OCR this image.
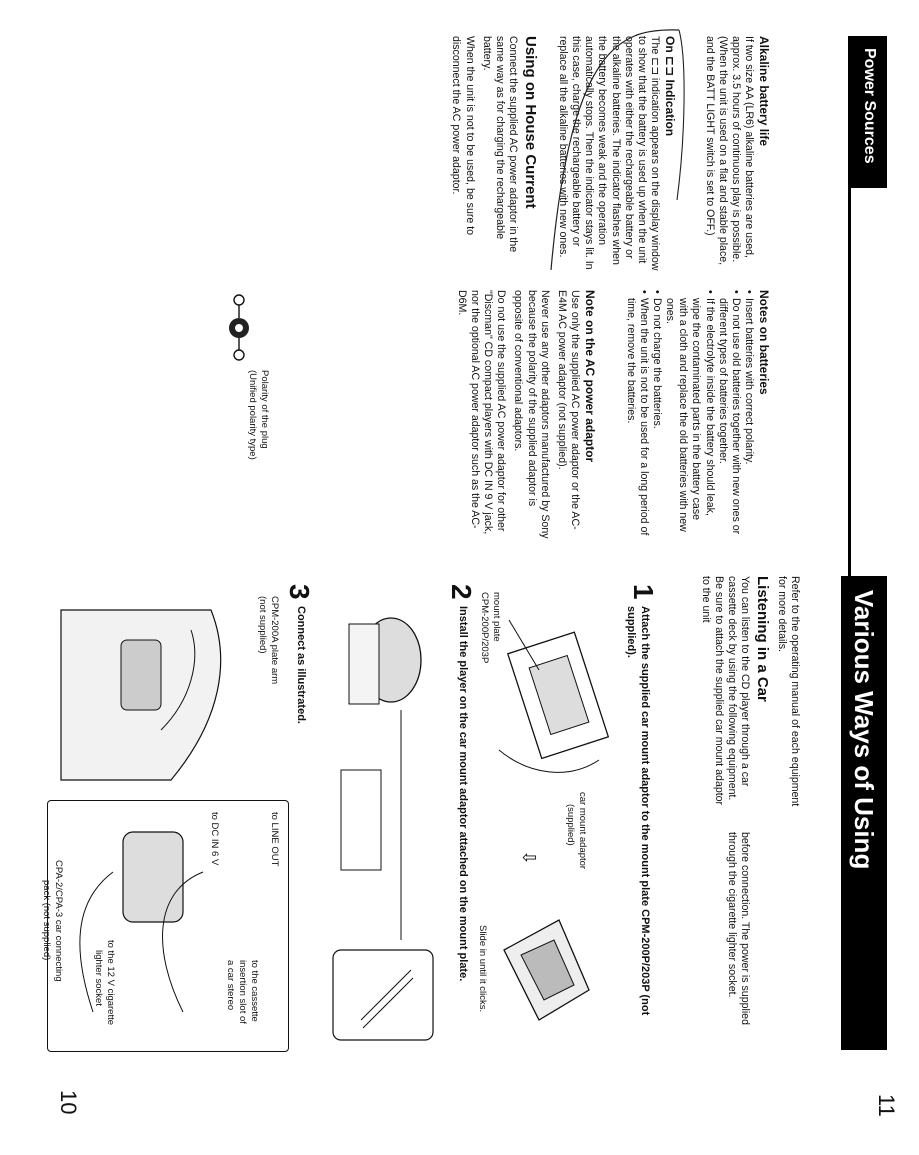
Power Sources
Alkaline battery life
If two size AA (LR6) alkaline batteries are used, approx. 3.5 hours of continuous play is possible. (When the unit is used on a flat and stable place, and the BATT LIGHT switch is set to OFF.)
On ⊏⊐ Indication
The ⊏⊐ indication appears on the display window to show that the battery is used up when the unit operates with either the rechargeable battery or the alkaline batteries. The indicator flashes when the battery becomes weak and the operation automatically stops. Then the indicator stays lit. In this case, charge the rechargeable battery or replace all the alkaline batteries with new ones.
Using on House Current
Connect the supplied AC power adaptor in the same way as for charging the rechargeable battery.
When the unit is not to be used, be sure to disconnect the AC power adaptor.
Notes on batteries
• Insert batteries with correct polarity.
• Do not use old batteries together with new ones or different types of batteries together.
• If the electrolyte inside the battery should leak, wipe the contaminated parts in the battery case with a cloth and replace the old batteries with new ones.
• Do not charge the batteries.
• When the unit is not to be used for a long period of time, remove the batteries.
Note on the AC power adaptor
Use only the supplied AC power adaptor or the AC-E4M AC power adaptor (not supplied).
Never use any other adaptors manufactured by Sony because the polarity of the supplied adaptor is opposite of conventional adaptors.
Do not use the supplied AC power adaptor for other "Discman" CD compact players with DC IN 9 V jack, nor the optional AC power adaptor such as the AC-D6M.
Polarity of the plug
(Unified polarity type)
10
Various Ways of Using
Refer to the operating manual of each equipment for more details.
Listening in a Car
You can listen to the CD player through a car cassette deck by using the following equipment. Be sure to attach the supplied car mount adaptor to the unit
before connection. The power is supplied through the cigarette lighter socket.
1
Attach the supplied car mount adaptor to the mount plate CPM-200P/203P (not supplied).
mount plate
CPM-200P/203P
car mount adaptor
(supplied)
⇩
Slide in until it clicks.
2
Install the player on the car mount adaptor attached on the mount plate.
3
Connect as illustrated.
CPM-200A plate arm
(not supplied)
to LINE OUT
to DC IN 6 V
CPA-2/CPA-3 car connecting
pack (not supplied)
to the cassette
insertion slot of
a car stereo
to the 12 V cigarette
lighter socket
11
